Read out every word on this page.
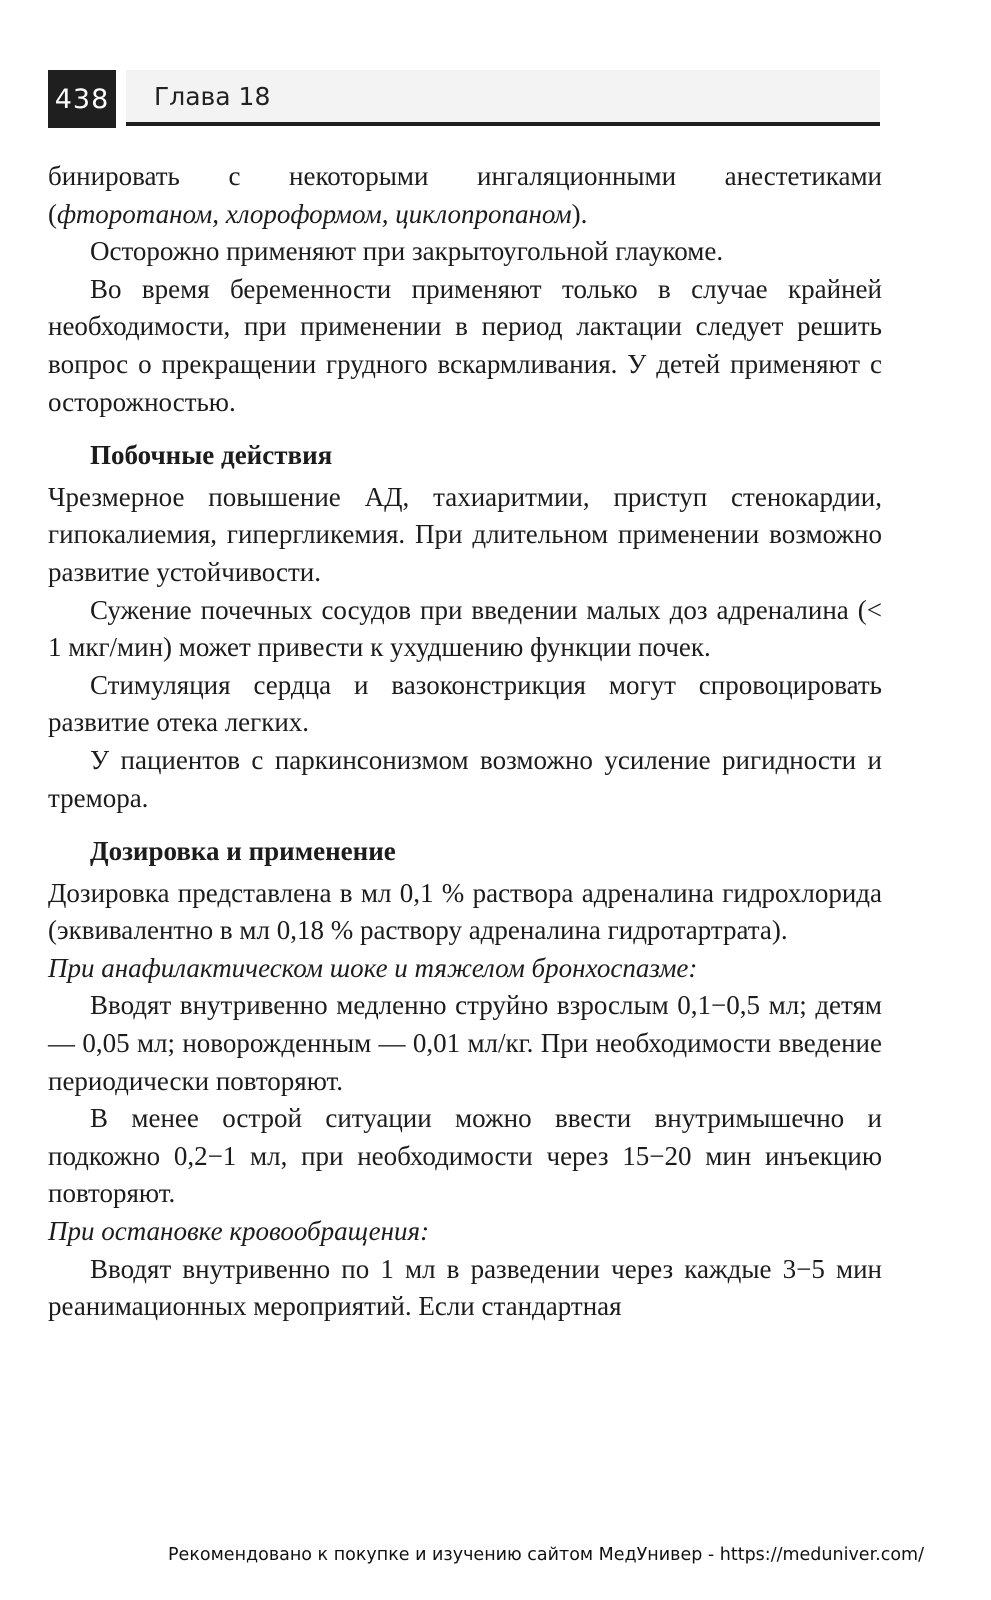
438 Глава 18

бинировать с некоторыми ингаляционными анестетиками (фторотаном, хлороформом, циклопропаном).

Осторожно применяют при закрытоугольной глаукоме.

Во время беременности применяют только в случае крайней необходимости, при применении в период лактации следует решить вопрос о прекращении грудного вскармливания. У детей применяют с осторожностью.

Побочные действия

Чрезмерное повышение АД, тахиаритмии, приступ стенокардии, гипокалиемия, гипергликемия. При длительном применении возможно развитие устойчивости.

Сужение почечных сосудов при введении малых доз адреналина (< 1 мкг/мин) может привести к ухудшению функции почек.

Стимуляция сердца и вазоконстрикция могут спровоцировать развитие отека легких.

У пациентов с паркинсонизмом возможно усиление ригидности и тремора.

Дозировка и применение

Дозировка представлена в мл 0,1 % раствора адреналина гидрохлорида (эквивалентно в мл 0,18 % раствору адреналина гидротартрата).

При анафилактическом шоке и тяжелом бронхоспазме:

Вводят внутривенно медленно струйно взрослым 0,1−0,5 мл; детям — 0,05 мл; новорожденным — 0,01 мл/кг. При необходимости введение периодически повторяют.

В менее острой ситуации можно ввести внутримышечно и подкожно 0,2−1 мл, при необходимости через 15−20 мин инъекцию повторяют.

При остановке кровообращения:

Вводят внутривенно по 1 мл в разведении через каждые 3−5 мин реанимационных мероприятий. Если стандартная

Рекомендовано к покупке и изучению сайтом МедУнивер - https://meduniver.com/
